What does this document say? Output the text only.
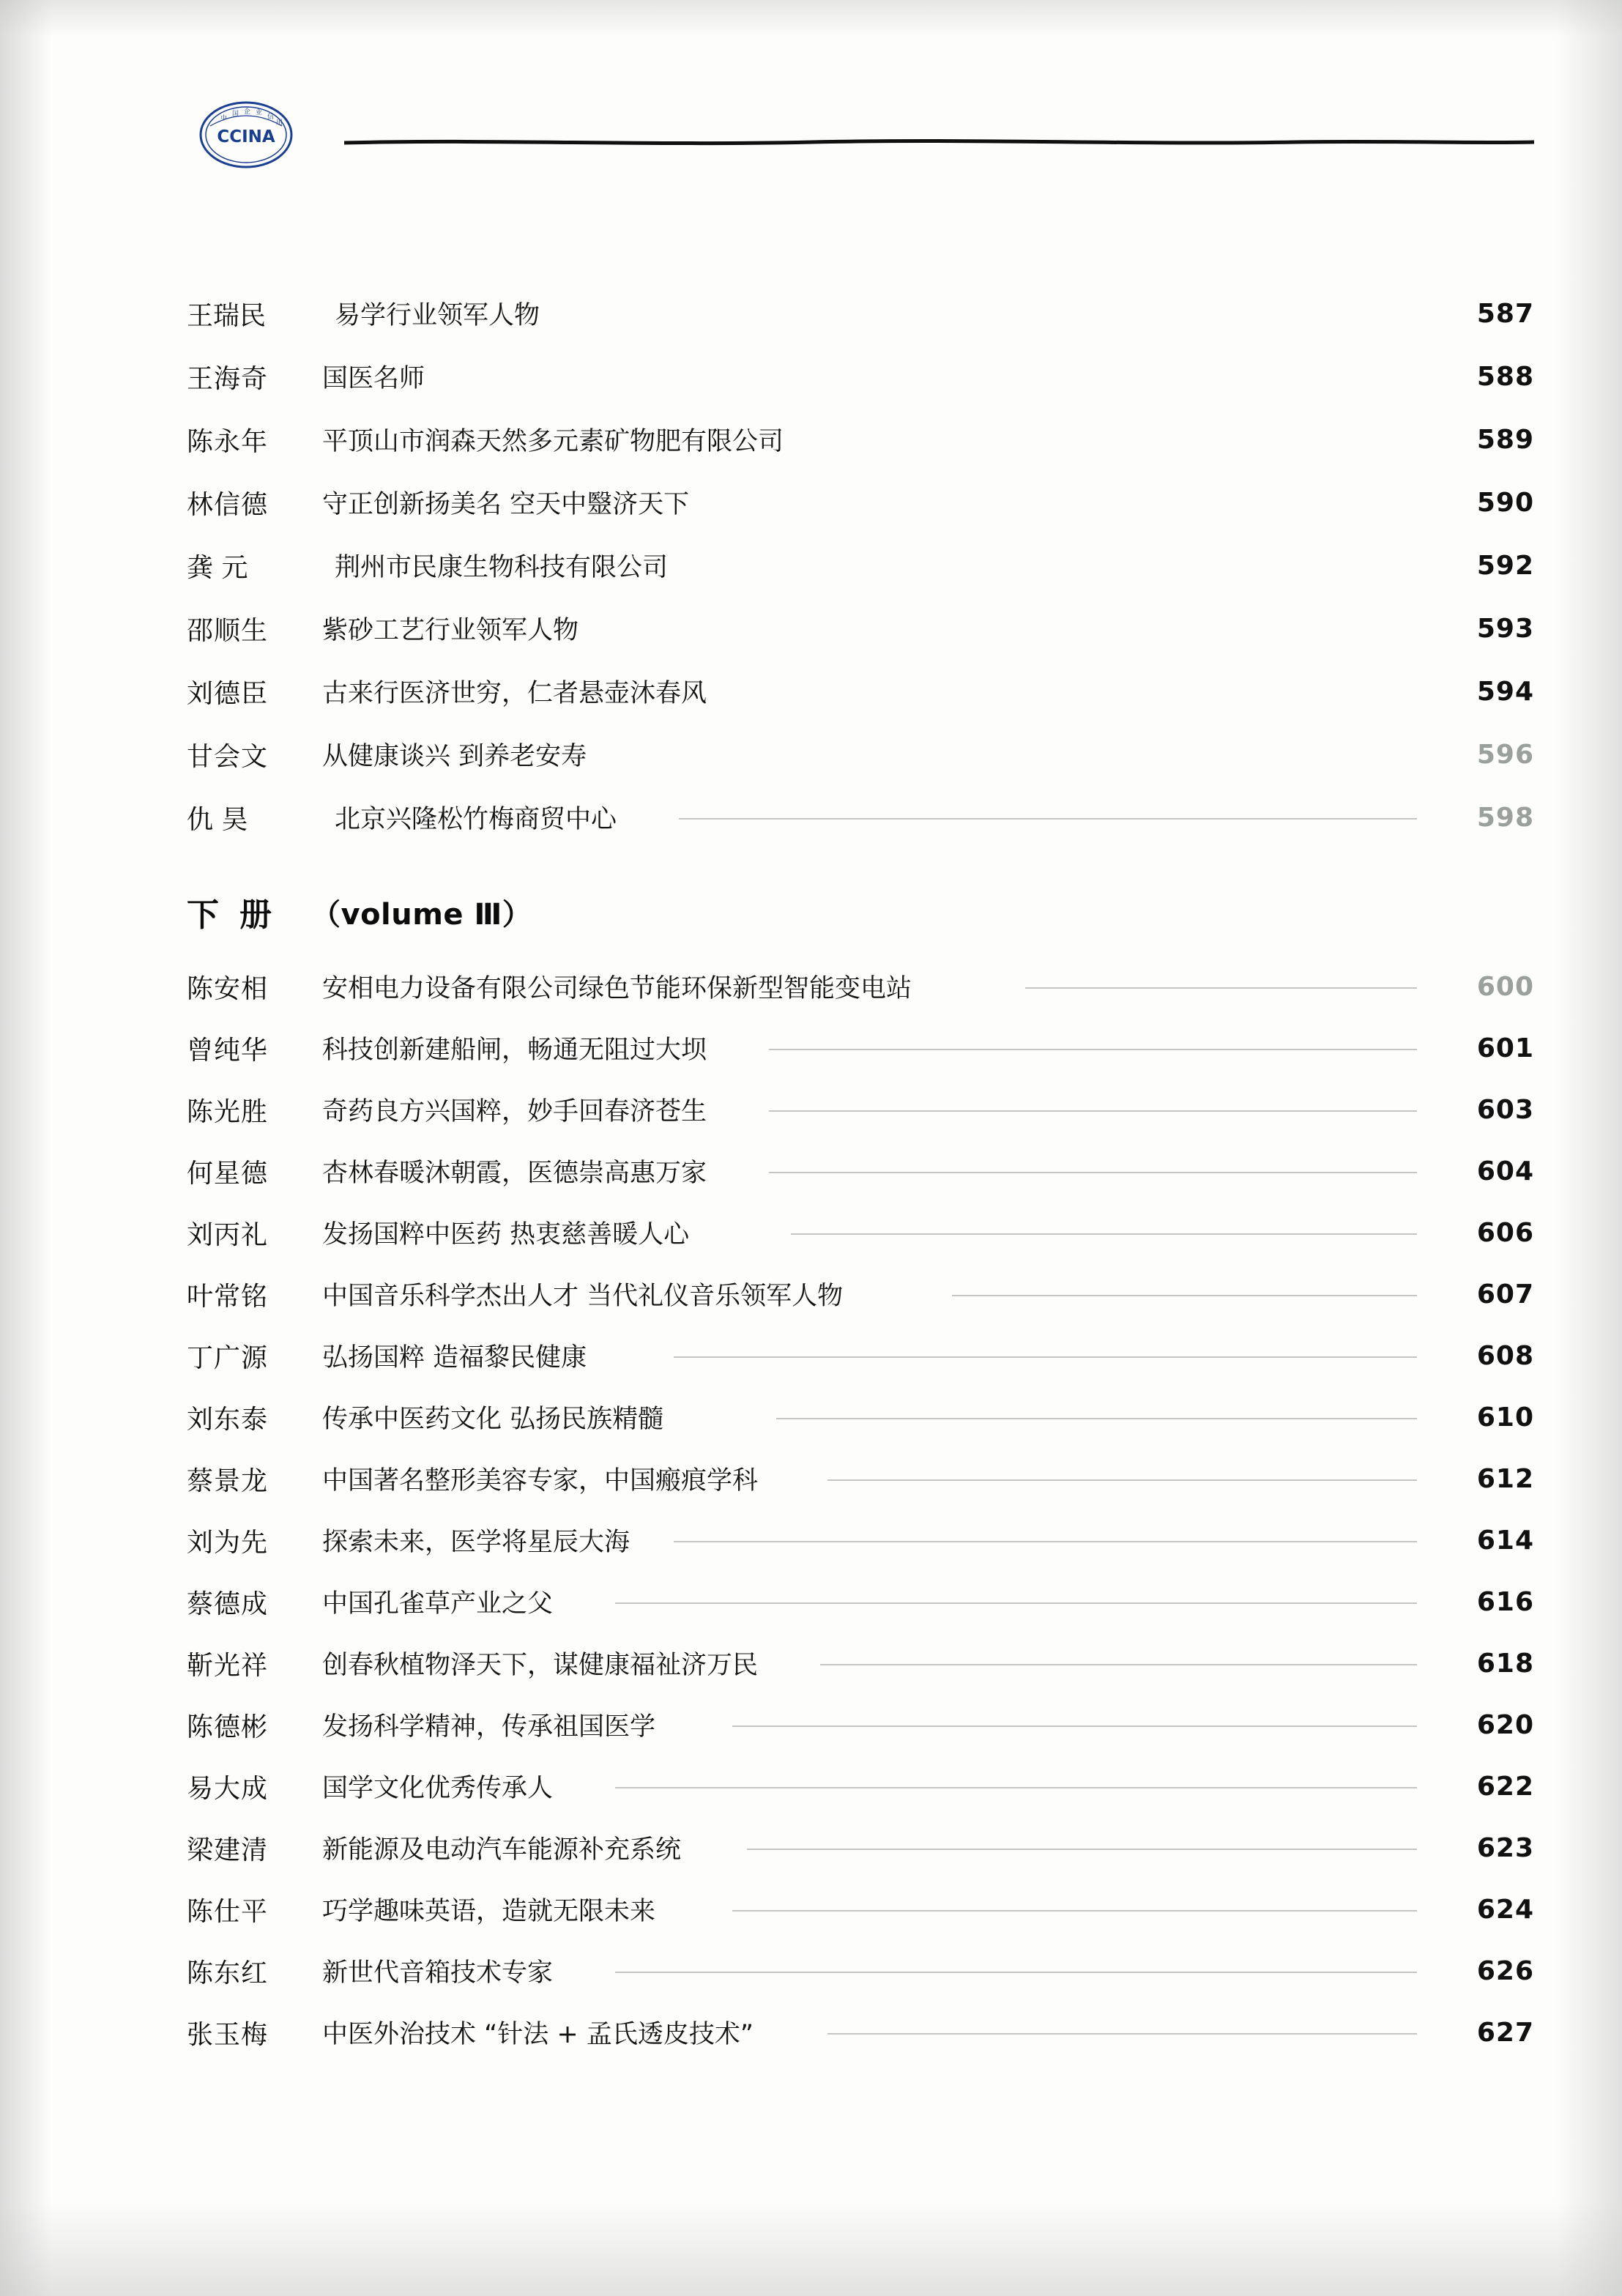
CCINA
中
国 企 业
信
用
王瑞民	易学行业领军人物	587
王海奇	国医名师	588
陈永年	平顶山市润森天然多元素矿物肥有限公司	589
林信德	守正创新扬美名 空天中毉济天下	590
龚 元	荆州市民康生物科技有限公司	592
邵顺生	紫砂工艺行业领军人物	593
刘德臣	古来行医济世穷，仁者悬壶沐春风	594
甘会文	从健康谈兴 到养老安寿	596
仇 昊	北京兴隆松竹梅商贸中心	598
下 册	（volume Ⅲ）
陈安相	安相电力设备有限公司绿色节能环保新型智能变电站	600
曾纯华	科技创新建船闸，畅通无阻过大坝	601
陈光胜	奇药良方兴国粹，妙手回春济苍生	603
何星德	杏林春暖沐朝霞，医德崇高惠万家	604
刘丙礼	发扬国粹中医药 热衷慈善暖人心	606
叶常铭	中国音乐科学杰出人才 当代礼仪音乐领军人物	607
丁广源	弘扬国粹 造福黎民健康	608
刘东泰	传承中医药文化 弘扬民族精髓	610
蔡景龙	中国著名整形美容专家，中国瘢痕学科	612
刘为先	探索未来，医学将星辰大海	614
蔡德成	中国孔雀草产业之父	616
靳光祥	创春秋植物泽天下，谋健康福祉济万民	618
陈德彬	发扬科学精神，传承祖国医学	620
易大成	国学文化优秀传承人	622
梁建清	新能源及电动汽车能源补充系统	623
陈仕平	巧学趣味英语，造就无限未来	624
陈东红	新世代音箱技术专家	626
张玉梅	中医外治技术 “针法 + 孟氏透皮技术”	627
